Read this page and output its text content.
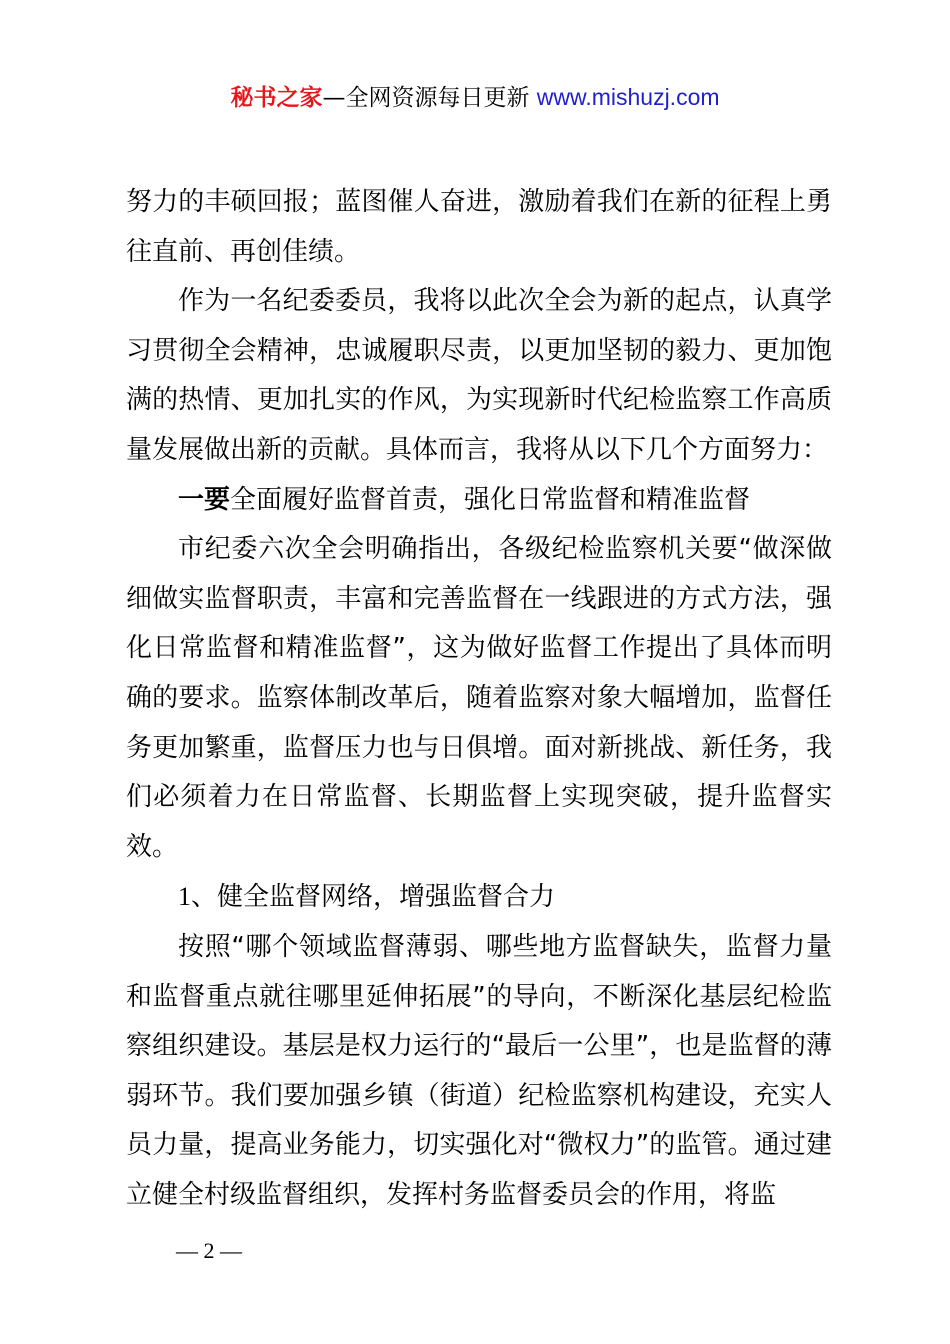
秘书之家—全网资源每日更新 www.mishuzj.com

努力的丰硕回报；蓝图催人奋进，激励着我们在新的征程上勇往直前、再创佳绩。

作为一名纪委委员，我将以此次全会为新的起点，认真学习贯彻全会精神，忠诚履职尽责，以更加坚韧的毅力、更加饱满的热情、更加扎实的作风，为实现新时代纪检监察工作高质量发展做出新的贡献。具体而言，我将从以下几个方面努力：

一要全面履好监督首责，强化日常监督和精准监督

市纪委六次全会明确指出，各级纪检监察机关要“做深做细做实监督职责，丰富和完善监督在一线跟进的方式方法，强化日常监督和精准监督”，这为做好监督工作提出了具体而明确的要求。监察体制改革后，随着监察对象大幅增加，监督任务更加繁重，监督压力也与日俱增。面对新挑战、新任务，我们必须着力在日常监督、长期监督上实现突破，提升监督实效。

1、健全监督网络，增强监督合力

按照“哪个领域监督薄弱、哪些地方监督缺失，监督力量和监督重点就往哪里延伸拓展”的导向，不断深化基层纪检监察组织建设。基层是权力运行的“最后一公里”，也是监督的薄弱环节。我们要加强乡镇（街道）纪检监察机构建设，充实人员力量，提高业务能力，切实强化对“微权力”的监管。通过建立健全村级监督组织，发挥村务监督委员会的作用，将监

— 2 —
